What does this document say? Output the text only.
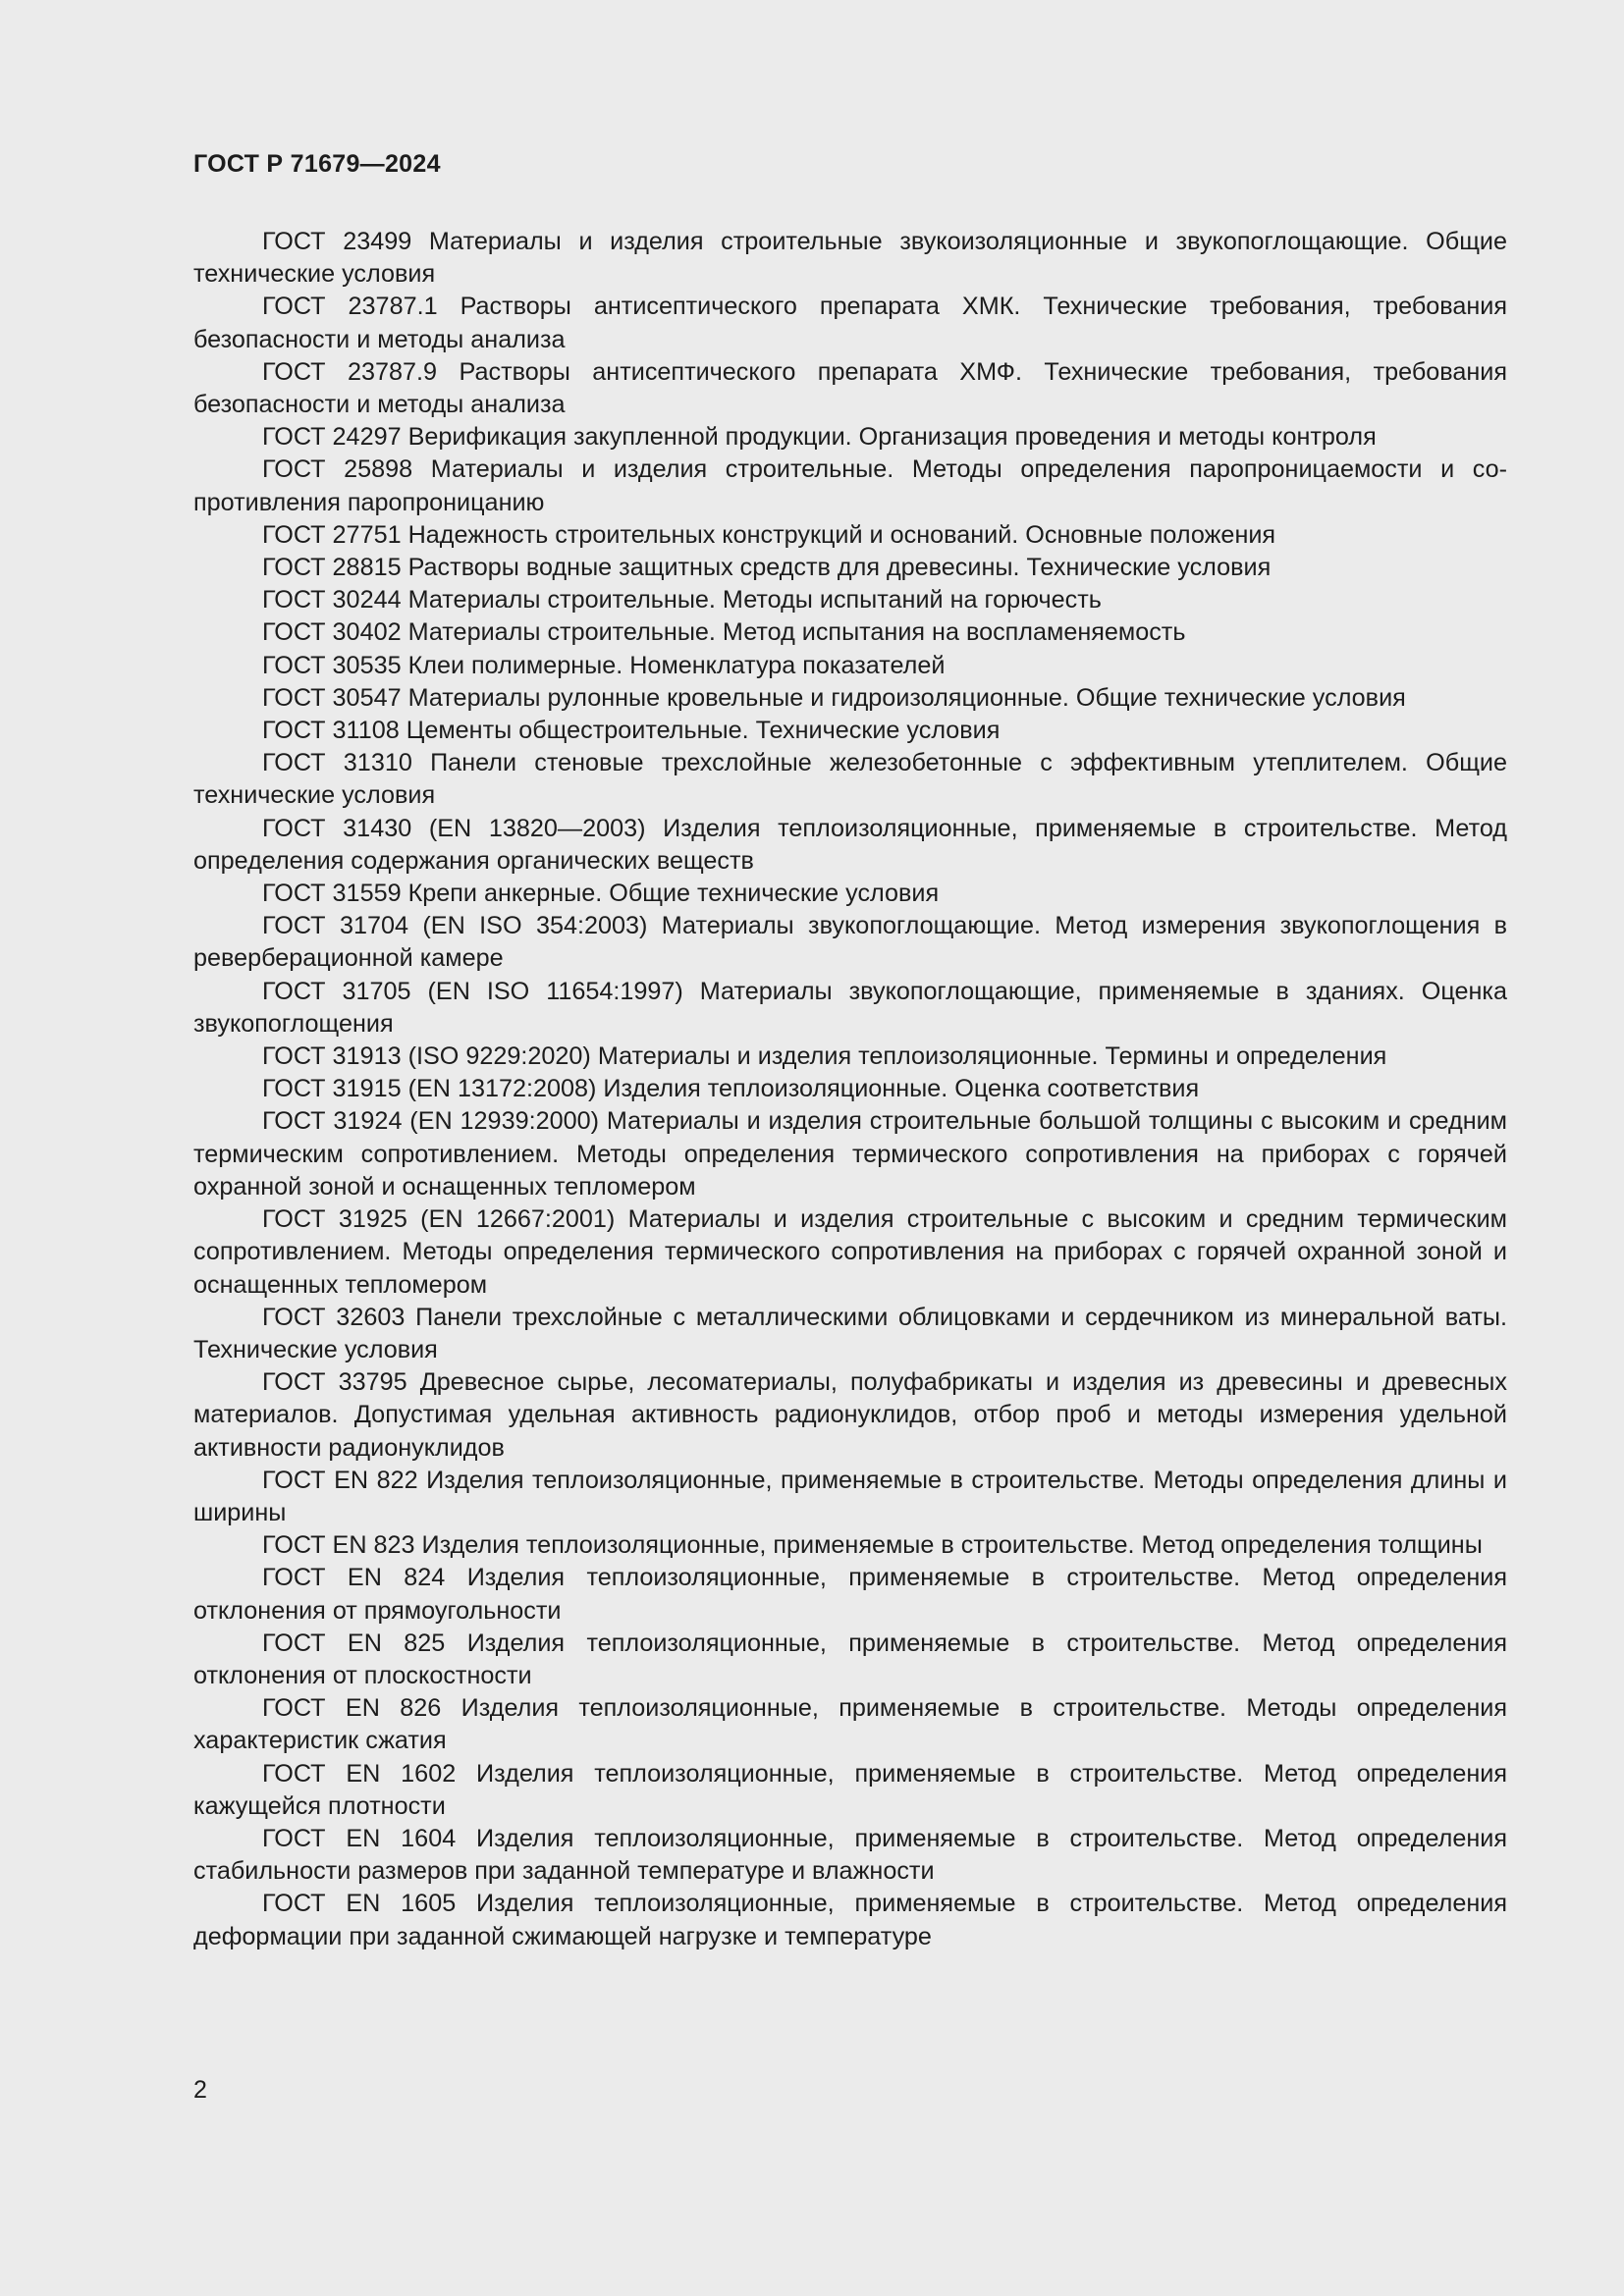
ГОСТ Р 71679—2024

ГОСТ 23499 Материалы и изделия строительные звукоизоляционные и звукопоглощающие. Общие технические условия
ГОСТ 23787.1 Растворы антисептического препарата ХМК. Технические требования, требования безопасности и методы анализа
ГОСТ 23787.9 Растворы антисептического препарата ХМФ. Технические требования, требования безопасности и методы анализа
ГОСТ 24297 Верификация закупленной продукции. Организация проведения и методы контроля
ГОСТ 25898 Материалы и изделия строительные. Методы определения паропроницаемости и сопротивления паропроницанию
ГОСТ 27751 Надежность строительных конструкций и оснований. Основные положения
ГОСТ 28815 Растворы водные защитных средств для древесины. Технические условия
ГОСТ 30244 Материалы строительные. Методы испытаний на горючесть
ГОСТ 30402 Материалы строительные. Метод испытания на воспламеняемость
ГОСТ 30535 Клеи полимерные. Номенклатура показателей
ГОСТ 30547 Материалы рулонные кровельные и гидроизоляционные. Общие технические условия
ГОСТ 31108 Цементы общестроительные. Технические условия
ГОСТ 31310 Панели стеновые трехслойные железобетонные с эффективным утеплителем. Общие технические условия
ГОСТ 31430 (EN 13820—2003) Изделия теплоизоляционные, применяемые в строительстве. Метод определения содержания органических веществ
ГОСТ 31559 Крепи анкерные. Общие технические условия
ГОСТ 31704 (EN ISO 354:2003) Материалы звукопоглощающие. Метод измерения звукопоглощения в реверберационной камере
ГОСТ 31705 (EN ISO 11654:1997) Материалы звукопоглощающие, применяемые в зданиях. Оценка звукопоглощения
ГОСТ 31913 (ISO 9229:2020) Материалы и изделия теплоизоляционные. Термины и определения
ГОСТ 31915 (EN 13172:2008) Изделия теплоизоляционные. Оценка соответствия
ГОСТ 31924 (EN 12939:2000) Материалы и изделия строительные большой толщины с высоким и средним термическим сопротивлением. Методы определения термического сопротивления на приборах с горячей охранной зоной и оснащенных тепломером
ГОСТ 31925 (EN 12667:2001) Материалы и изделия строительные с высоким и средним термическим сопротивлением. Методы определения термического сопротивления на приборах с горячей охранной зоной и оснащенных тепломером
ГОСТ 32603 Панели трехслойные с металлическими облицовками и сердечником из минеральной ваты. Технические условия
ГОСТ 33795 Древесное сырье, лесоматериалы, полуфабрикаты и изделия из древесины и древесных материалов. Допустимая удельная активность радионуклидов, отбор проб и методы измерения удельной активности радионуклидов
ГОСТ EN 822 Изделия теплоизоляционные, применяемые в строительстве. Методы определения длины и ширины
ГОСТ EN 823 Изделия теплоизоляционные, применяемые в строительстве. Метод определения толщины
ГОСТ EN 824 Изделия теплоизоляционные, применяемые в строительстве. Метод определения отклонения от прямоугольности
ГОСТ EN 825 Изделия теплоизоляционные, применяемые в строительстве. Метод определения отклонения от плоскостности
ГОСТ EN 826 Изделия теплоизоляционные, применяемые в строительстве. Методы определения характеристик сжатия
ГОСТ EN 1602 Изделия теплоизоляционные, применяемые в строительстве. Метод определения кажущейся плотности
ГОСТ EN 1604 Изделия теплоизоляционные, применяемые в строительстве. Метод определения стабильности размеров при заданной температуре и влажности
ГОСТ EN 1605 Изделия теплоизоляционные, применяемые в строительстве. Метод определения деформации при заданной сжимающей нагрузке и температуре

2
